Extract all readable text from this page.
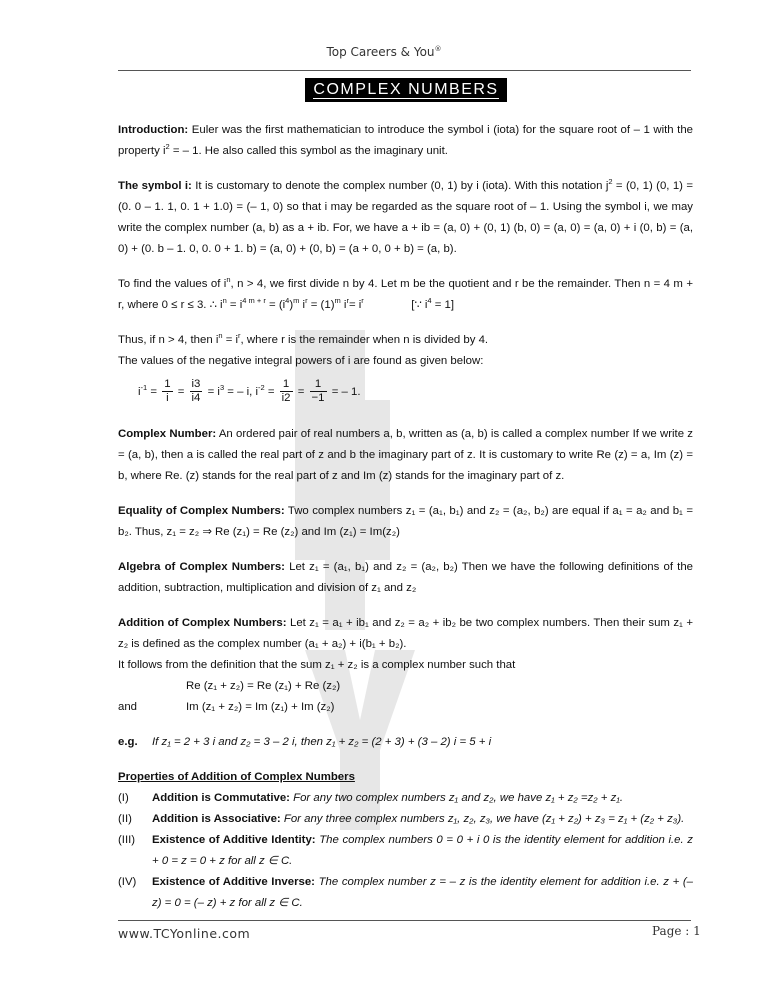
Top Careers & You®
COMPLEX NUMBERS

Introduction: Euler was the first mathematician to introduce the symbol i (iota) for the square root of – 1 with the property $i^2$ = – 1. He also called this symbol as the imaginary unit.

The symbol i: It is customary to denote the complex number (0, 1) by i (iota). With this notation $j^2 = (0$, 1) (0, 1) = (0. 0 – 1. 1, 0. 1 + 1.0) = (– 1, 0) so that i may be regarded as the square root of – 1. Using the symbol i, we may write the complex number (a, b) as a + ib. For, we have a + ib = (a, 0) + (0, 1) (b, 0) = (a, 0) = (a, 0) + i (0, b) = (a, 0) + (0. b – 1. 0, 0. 0 + 1. b) = (a, 0) + (0, b) = (a + 0, 0 + b) = (a, b).

To find the values of $i^n$, n > 4, we first divide n by 4. Let m be the quotient and r be the remainder. Then n = 4 m + r, where 0 ≤ r ≤ 3. ∴ $i^n = i^{4 m + r} = (i^4)^m$ $i^r = (1)^m$ $i^r= i^r$	[∵ $i^4 = 1$]

Thus, if n > 4, then $i^n = i^r$, where r is the remainder when n is divided by 4.

The values of the negative integral powers of i are found as given below:

$i^{-1} = \frac{1}{i} = \frac{i3}{i4} = i^3$ = – i, $i^{-2} = \frac{1}{i2} = \frac{1}{-1}$ = – 1.

Complex Number: An ordered pair of real numbers a, b, written as (a, b) is called a complex number If we write z = (a, b), then a is called the real part of z and b the imaginary part of z. It is customary to write Re (z) = a, Im (z) = b, where Re. (z) stands for the real part of z and Im (z) stands for the imaginary part of z.

Equality of Complex Numbers: Two complex numbers z₁ = (a₁, b₁) and z₂ = (a₂, b₂) are equal if a₁ = a₂ and b₁ = b₂. Thus, z₁ = z₂ ⇒ Re (z₁) = Re (z₂) and Im (z₁) = Im(z₂)

Algebra of Complex Numbers: Let z₁ = (a₁, b₁) and z₂ = (a₂, b₂) Then we have the following definitions of the addition, subtraction, multiplication and division of z₁ and z₂

Addition of Complex Numbers: Let z₁ = a₁ + ib₁ and z₂ = a₂ + ib₂ be two complex numbers. Then their sum z₁ + z₂ is defined as the complex number (a₁ + a₂) + i(b₁ + b₂).

It follows from the definition that the sum z₁ + z₂ is a complex number such that

Re (z₁ + z₂) = Re (z₁) + Re (z₂)

and	Im (z₁ + z₂) = Im (z₁) + Im (z₂)

e.g. If z₁ = 2 + 3 i and z₂ = 3 – 2 i, then z₁ + z₂ = (2 + 3) + (3 – 2) i = 5 + i

Properties of Addition of Complex Numbers

(I)	Addition is Commutative: For any two complex numbers z₁ and z₂, we have z₁ + z₂ =z₂ + z₁.
(II)	Addition is Associative: For any three complex numbers z₁, z₂, z₃, we have (z₁ + z₂) + z₃ = z₁ + (z₂ + z₃).
(III)	Existence of Additive Identity: The complex numbers 0 = 0 + i 0 is the identity element for addition i.e. z + 0 = z = 0 + z for all z ∈ C.
(IV)	Existence of Additive Inverse: The complex number z = – z is the identity element for addition i.e. z + (– z) = 0 = (– z) + z for all z ∈ C.
www.TCYonline.com	Page : 1
